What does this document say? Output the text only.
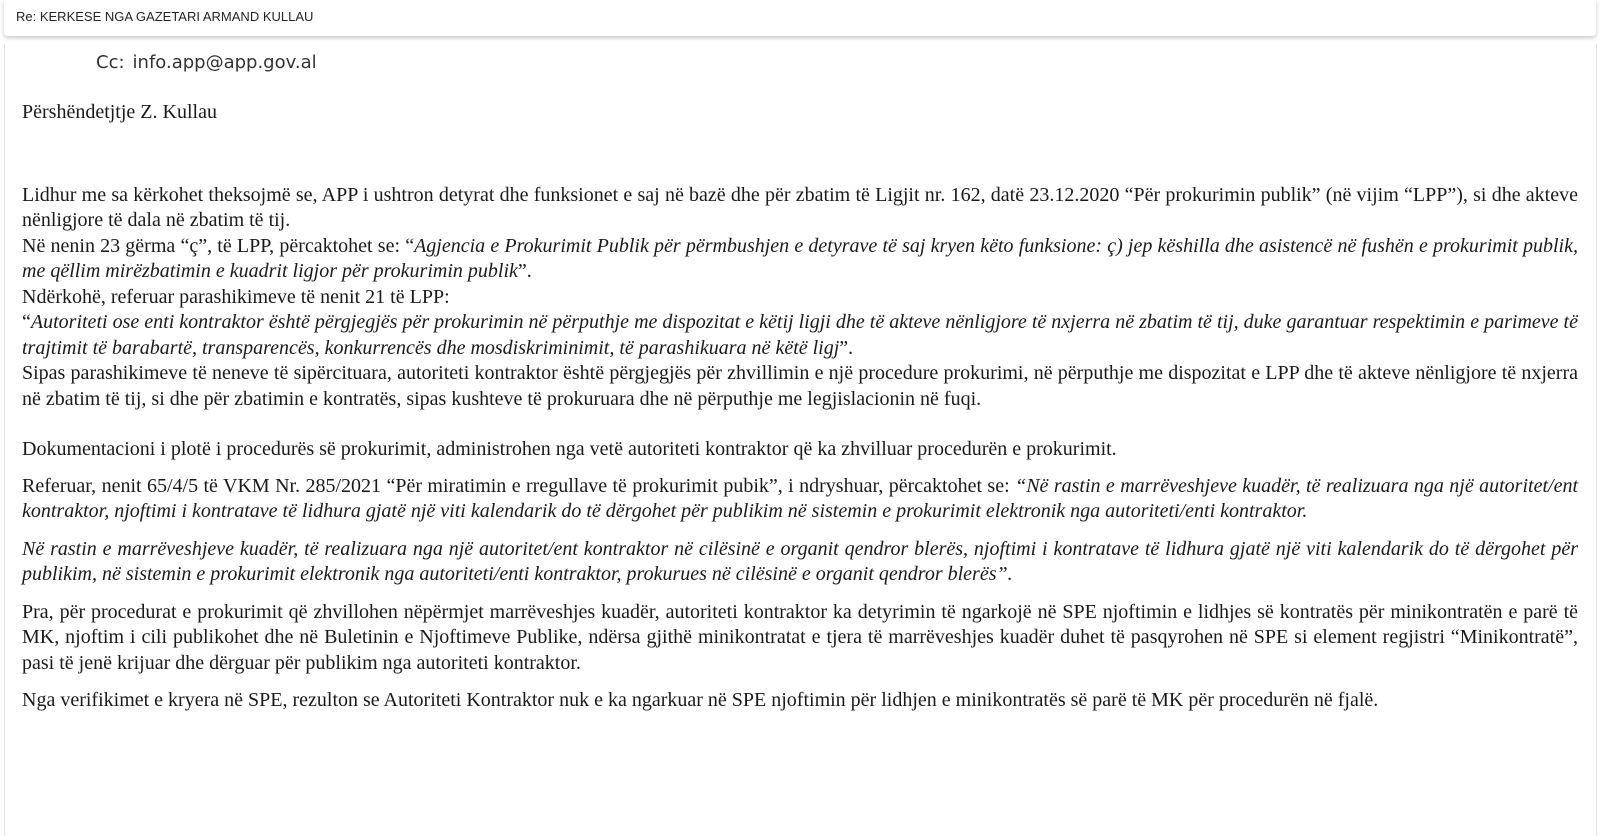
Re: KERKESE NGA GAZETARI ARMAND KULLAU
Cc: info.app@app.gov.al

Përshëndetjtje Z. Kullau

Lidhur me sa kërkohet theksojmë se, APP i ushtron detyrat dhe funksionet e saj në bazë dhe për zbatim të Ligjit nr. 162, datë 23.12.2020 “Për prokurimin publik” (në vijim “LPP”), si dhe akteve nënligjore të dala në zbatim të tij.

Në nenin 23 gërma “ç”, të LPP, përcaktohet se: “Agjencia e Prokurimit Publik për përmbushjen e detyrave të saj kryen këto funksione: ç) jep këshilla dhe asistencë në fushën e prokurimit publik, me qëllim mirëzbatimin e kuadrit ligjor për prokurimin publik”.

Ndërkohë, referuar parashikimeve të nenit 21 të LPP:

“Autoriteti ose enti kontraktor është përgjegjës për prokurimin në përputhje me dispozitat e këtij ligji dhe të akteve nënligjore të nxjerra në zbatim të tij, duke garantuar respektimin e parimeve të trajtimit të barabartë, transparencës, konkurrencës dhe mosdiskriminimit, të parashikuara në këtë ligj”.

Sipas parashikimeve të neneve të sipërcituara, autoriteti kontraktor është përgjegjës për zhvillimin e një procedure prokurimi, në përputhje me dispozitat e LPP dhe të akteve nënligjore të nxjerra në zbatim të tij, si dhe për zbatimin e kontratës, sipas kushteve të prokuruara dhe në përputhje me legjislacionin në fuqi.

Dokumentacioni i plotë i procedurës së prokurimit, administrohen nga vetë autoriteti kontraktor që ka zhvilluar procedurën e prokurimit.

Referuar, nenit 65/4/5 të VKM Nr. 285/2021 “Për miratimin e rregullave të prokurimit pubik”, i ndryshuar, përcaktohet se: “Në rastin e marrëveshjeve kuadër, të realizuara nga një autoritet/ent kontraktor, njoftimi i kontratave të lidhura gjatë një viti kalendarik do të dërgohet për publikim në sistemin e prokurimit elektronik nga autoriteti/enti kontraktor.

Në rastin e marrëveshjeve kuadër, të realizuara nga një autoritet/ent kontraktor në cilësinë e organit qendror blerës, njoftimi i kontratave të lidhura gjatë një viti kalendarik do të dërgohet për publikim, në sistemin e prokurimit elektronik nga autoriteti/enti kontraktor, prokurues në cilësinë e organit qendror blerës”.

Pra, për procedurat e prokurimit që zhvillohen nëpërmjet marrëveshjes kuadër, autoriteti kontraktor ka detyrimin të ngarkojë në SPE njoftimin e lidhjes së kontratës për minikontratën e parë të MK, njoftim i cili publikohet dhe në Buletinin e Njoftimeve Publike, ndërsa gjithë minikontratat e tjera të marrëveshjes kuadër duhet të pasqyrohen në SPE si element regjistri “Minikontratë”, pasi të jenë krijuar dhe dërguar për publikim nga autoriteti kontraktor.

Nga verifikimet e kryera në SPE, rezulton se Autoriteti Kontraktor nuk e ka ngarkuar në SPE njoftimin për lidhjen e minikontratës së parë të MK për procedurën në fjalë.
